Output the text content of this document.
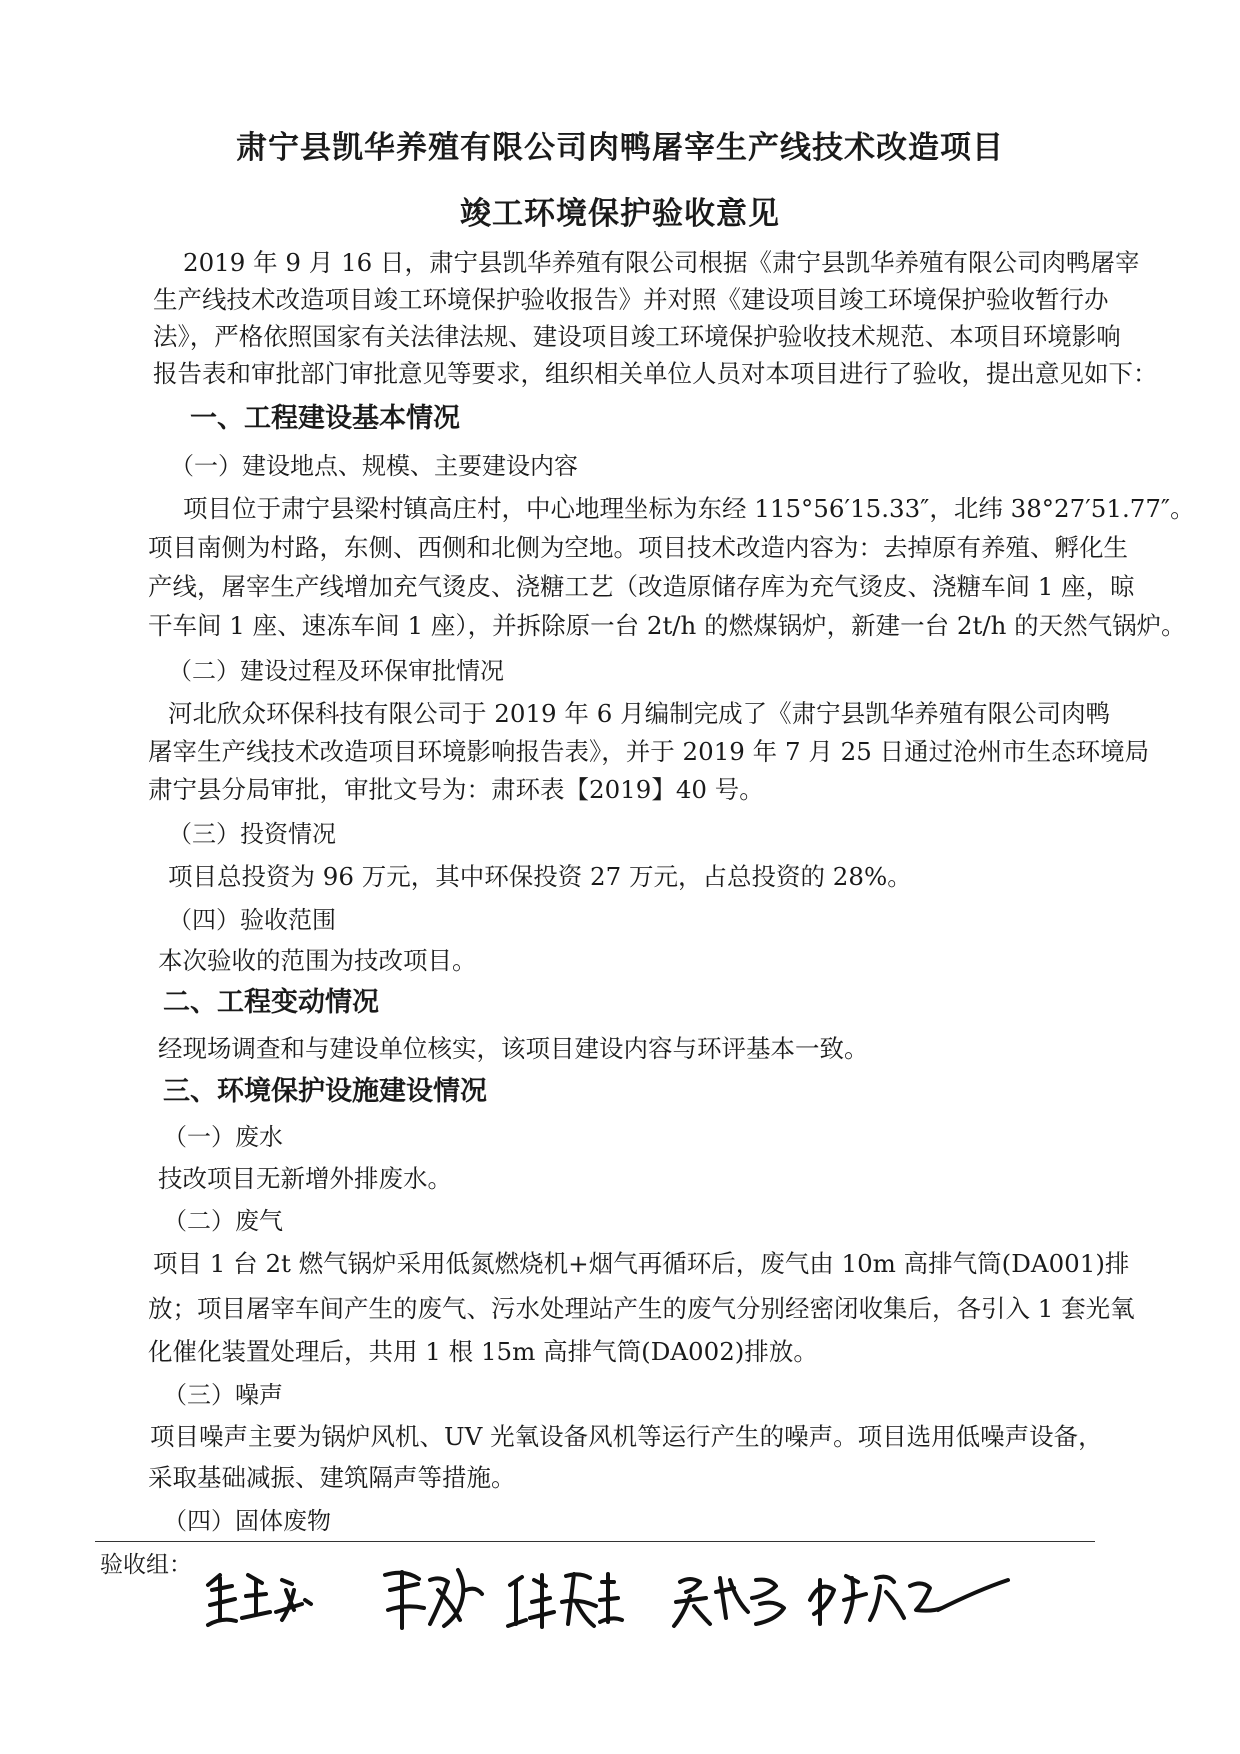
肃宁县凯华养殖有限公司肉鸭屠宰生产线技术改造项目
竣工环境保护验收意见
2019 年 9 月 16 日，肃宁县凯华养殖有限公司根据《肃宁县凯华养殖有限公司肉鸭屠宰
生产线技术改造项目竣工环境保护验收报告》并对照《建设项目竣工环境保护验收暂行办
法》，严格依照国家有关法律法规、建设项目竣工环境保护验收技术规范、本项目环境影响
报告表和审批部门审批意见等要求，组织相关单位人员对本项目进行了验收，提出意见如下：
一、工程建设基本情况
（一）建设地点、规模、主要建设内容
项目位于肃宁县梁村镇高庄村，中心地理坐标为东经 115°56′15.33″，北纬 38°27′51.77″。
项目南侧为村路，东侧、西侧和北侧为空地。项目技术改造内容为：去掉原有养殖、孵化生
产线，屠宰生产线增加充气烫皮、浇糖工艺（改造原储存库为充气烫皮、浇糖车间 1 座，晾
干车间 1 座、速冻车间 1 座），并拆除原一台 2t/h 的燃煤锅炉，新建一台 2t/h 的天然气锅炉。
（二）建设过程及环保审批情况
河北欣众环保科技有限公司于 2019 年 6 月编制完成了《肃宁县凯华养殖有限公司肉鸭
屠宰生产线技术改造项目环境影响报告表》，并于 2019 年 7 月 25 日通过沧州市生态环境局
肃宁县分局审批，审批文号为：肃环表【2019】40 号。
（三）投资情况
项目总投资为 96 万元，其中环保投资 27 万元，占总投资的 28%。
（四）验收范围
本次验收的范围为技改项目。
二、工程变动情况
经现场调查和与建设单位核实，该项目建设内容与环评基本一致。
三、环境保护设施建设情况
（一）废水
技改项目无新增外排废水。
（二）废气
项目 1 台 2t 燃气锅炉采用低氮燃烧机+烟气再循环后，废气由 10m 高排气筒(DA001)排
放；项目屠宰车间产生的废气、污水处理站产生的废气分别经密闭收集后，各引入 1 套光氧
化催化装置处理后，共用 1 根 15m 高排气筒(DA002)排放。
（三）噪声
项目噪声主要为锅炉风机、UV 光氧设备风机等运行产生的噪声。项目选用低噪声设备，
采取基础减振、建筑隔声等措施。
（四）固体废物
验收组：
